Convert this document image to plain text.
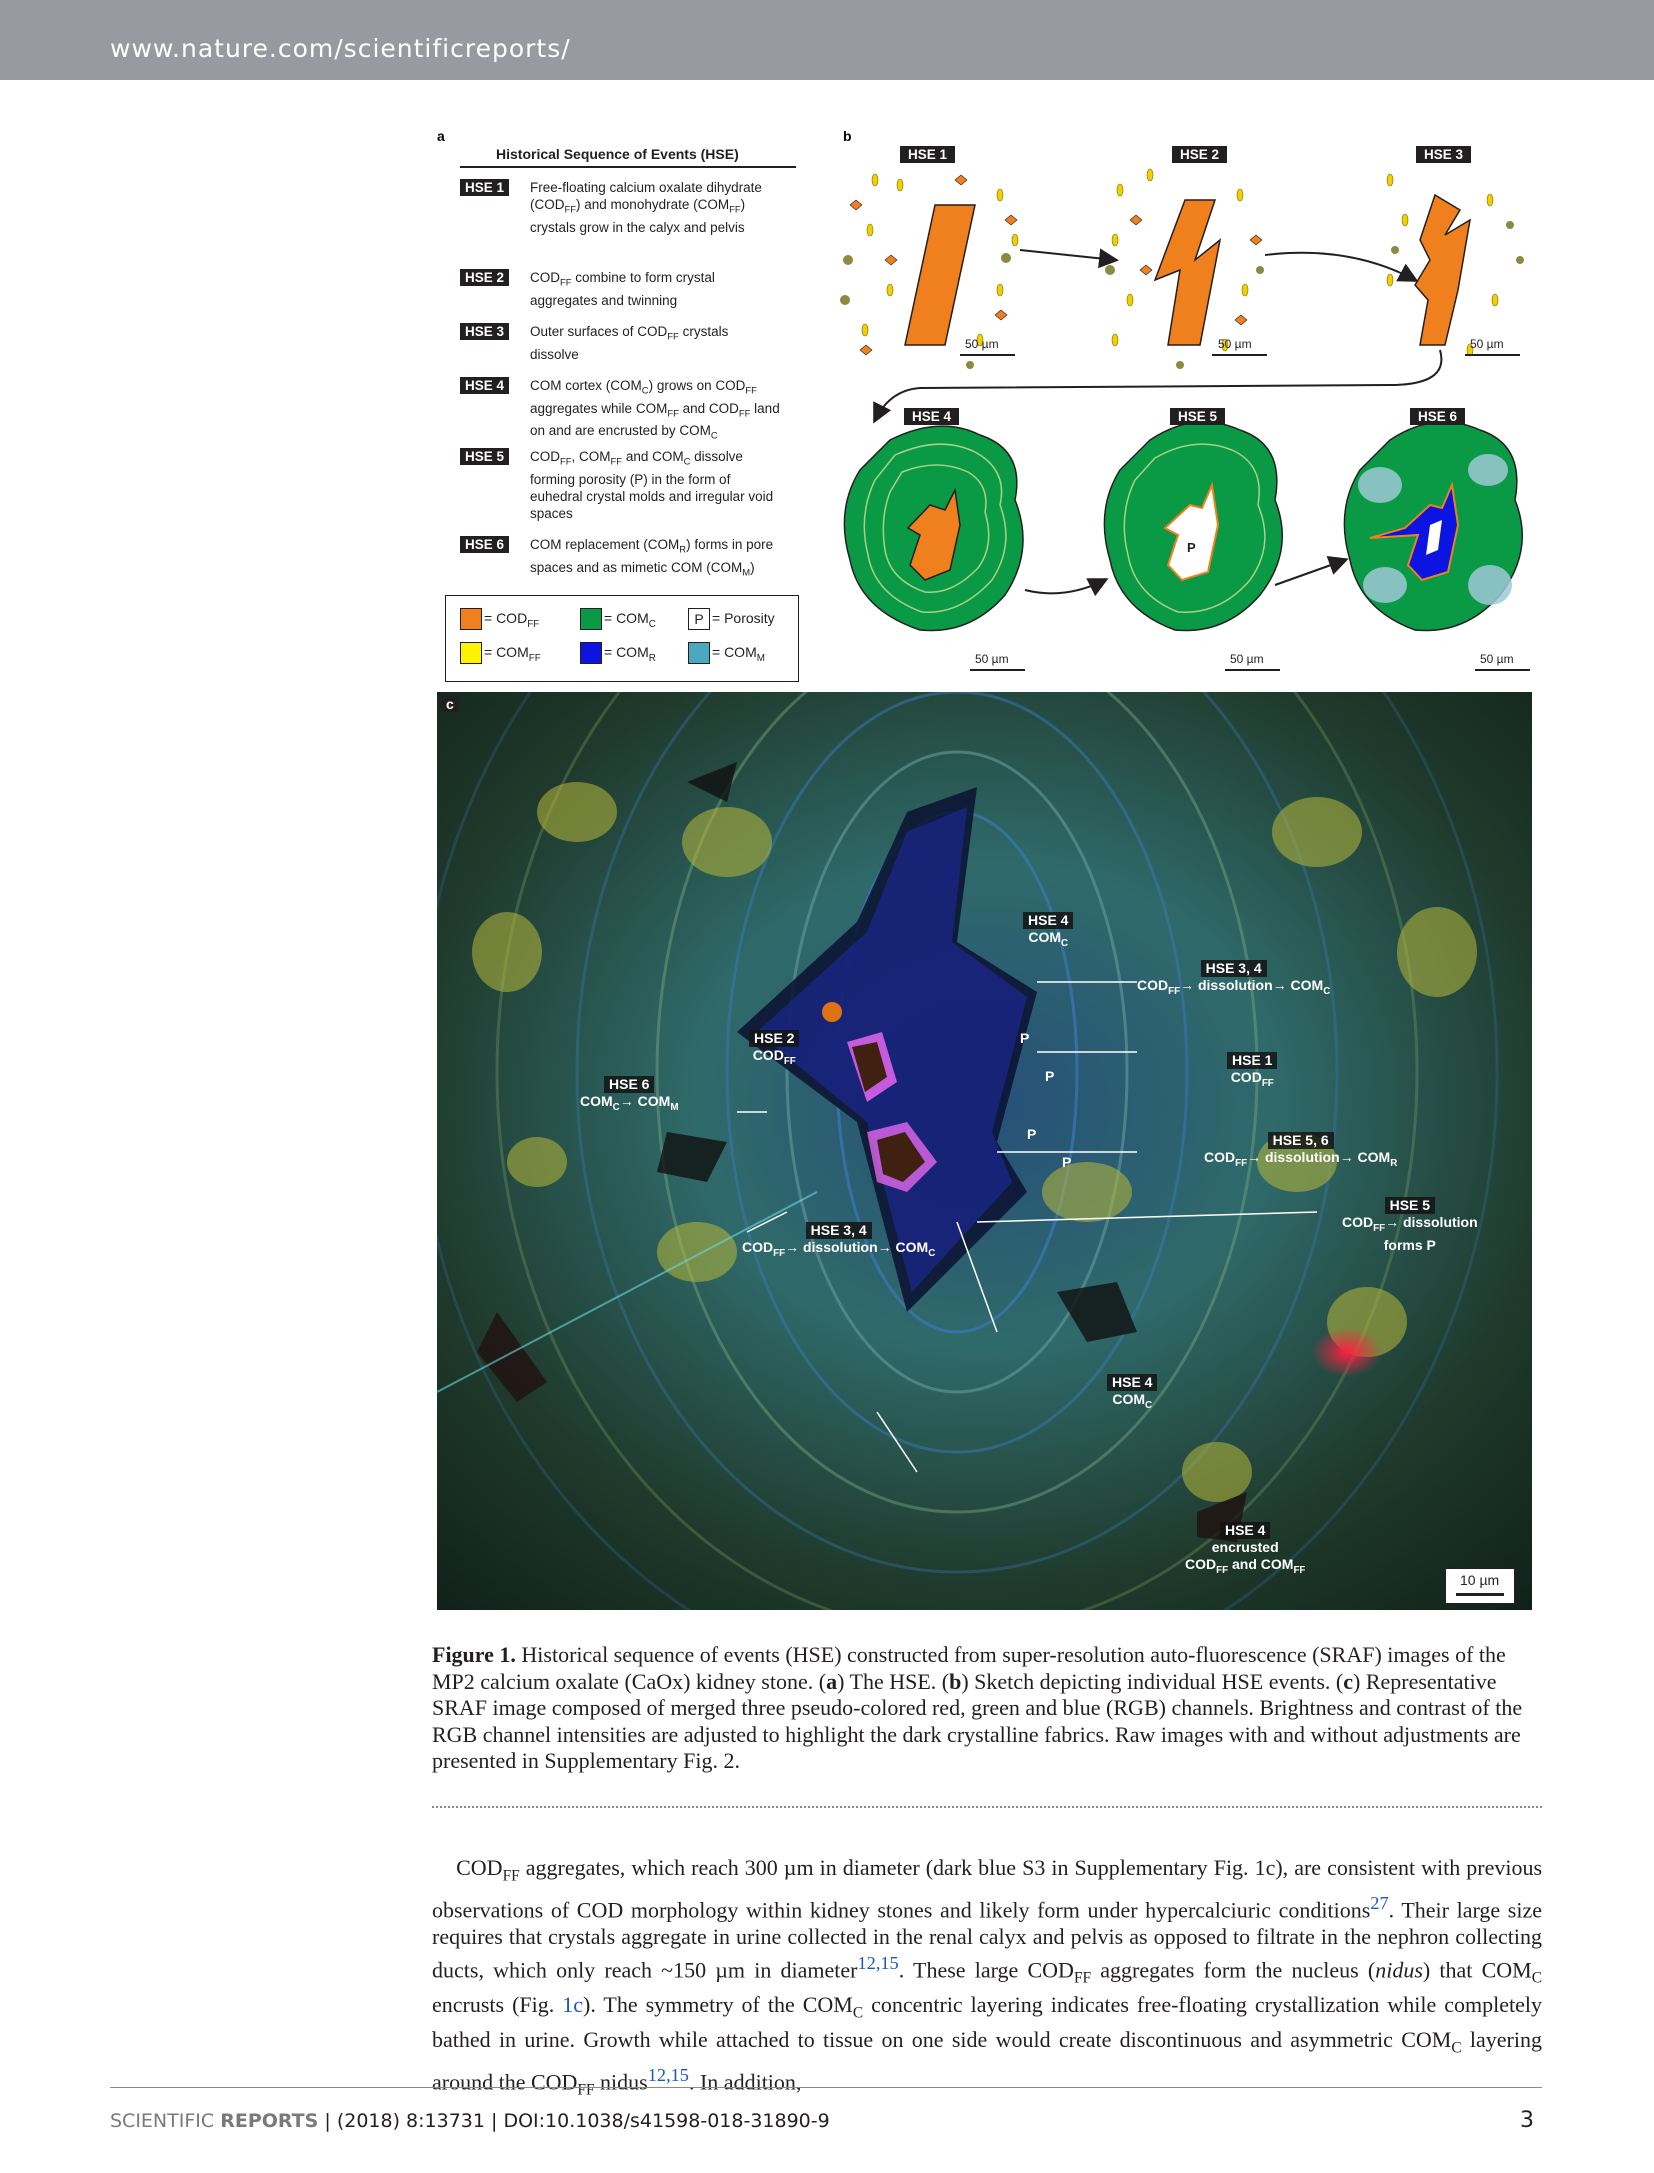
www.nature.com/scientificreports/
a
Historical Sequence of Events (HSE)
HSE 1	Free-floating calcium oxalate dihydrate $(COD_{FF})$ and monohydrate $(COM_{FF})$ crystals grow in the calyx and pelvis
HSE 2	$COD_{FF}$ combine to form crystal aggregates and twinning
HSE 3	Outer surfaces of $COD_{FF}$ crystals dissolve
HSE 4	COM cortex $(COM_C)$ grows on $COD_{FF}$ aggregates while $COM_{FF}$ and $COD_{FF}$ land on and are encrusted by $COM_C$
HSE 5	$COD_{FF}$, $COM_{FF}$ and $COM_C$ dissolve forming porosity (P) in the form of euhedral crystal molds and irregular void spaces
HSE 6	COM replacement $(COM_R)$ forms in pore spaces and as mimetic COM $(COM_M)$
= $COD_{FF}$	= $COM_C$	P = Porosity
= $COM_{FF}$	= $COM_R$	= $COM_M$
b
P
HSE 1	HSE 2	HSE 3
HSE 4	HSE 5	HSE 6
50 µm	50 µm	50 µm
50 µm	50 µm	50 µm
c
HSE 4
$COM_C$
HSE 3, 4
$COD_{FF}\to$ dissolution→ $COM_C$
HSE 2
$COD_{FF}$	HSE 1
$COD_{FF}$
HSE 6
$COM_C\to COM_M$
HSE 5, 6
$COD_{FF}\to$ dissolution→ $COM_R$
HSE 5
$COD_{FF}\to$ dissolution
forms P
HSE 3, 4
$COD_{FF}\to$ dissolution→ $COM_C$
HSE 4
$COM_C$
HSE 4
encrusted
$COD_{FF}$ and $COM_{FF}$
P
P
P
P
10 µm
Figure 1. Historical sequence of events (HSE) constructed from super-resolution auto-fluorescence (SRAF) images of the MP2 calcium oxalate (CaOx) kidney stone. (a) The HSE. (b) Sketch depicting individual HSE events. (c) Representative SRAF image composed of merged three pseudo-colored red, green and blue (RGB) channels. Brightness and contrast of the RGB channel intensities are adjusted to highlight the dark crystalline fabrics. Raw images with and without adjustments are presented in Supplementary Fig. 2.
$COD_{FF}$ aggregates, which reach 300 µm in diameter (dark blue S3 in Supplementary Fig. 1c), are consistent with previous observations of COD morphology within kidney stones and likely form under hypercalciuric conditions$^{27}$. Their large size requires that crystals aggregate in urine collected in the renal calyx and pelvis as opposed to filtrate in the nephron collecting ducts, which only reach ~150 µm in diameter$^{12,15}$. These large $COD_{FF}$ aggregates form the nucleus (nidus) that $COM_C$ encrusts (Fig. 1c). The symmetry of the $COM_C$ concentric layering indicates free-floating crystallization while completely bathed in urine. Growth while attached to tissue on one side would create discontinuous and asymmetric $COM_C$ layering around the $COD_{FF}$ nidus$^{12,15}$. In addition,
SCIENTIFIC REPORTS | (2018) 8:13731 | DOI:10.1038/s41598-018-31890-9	3
